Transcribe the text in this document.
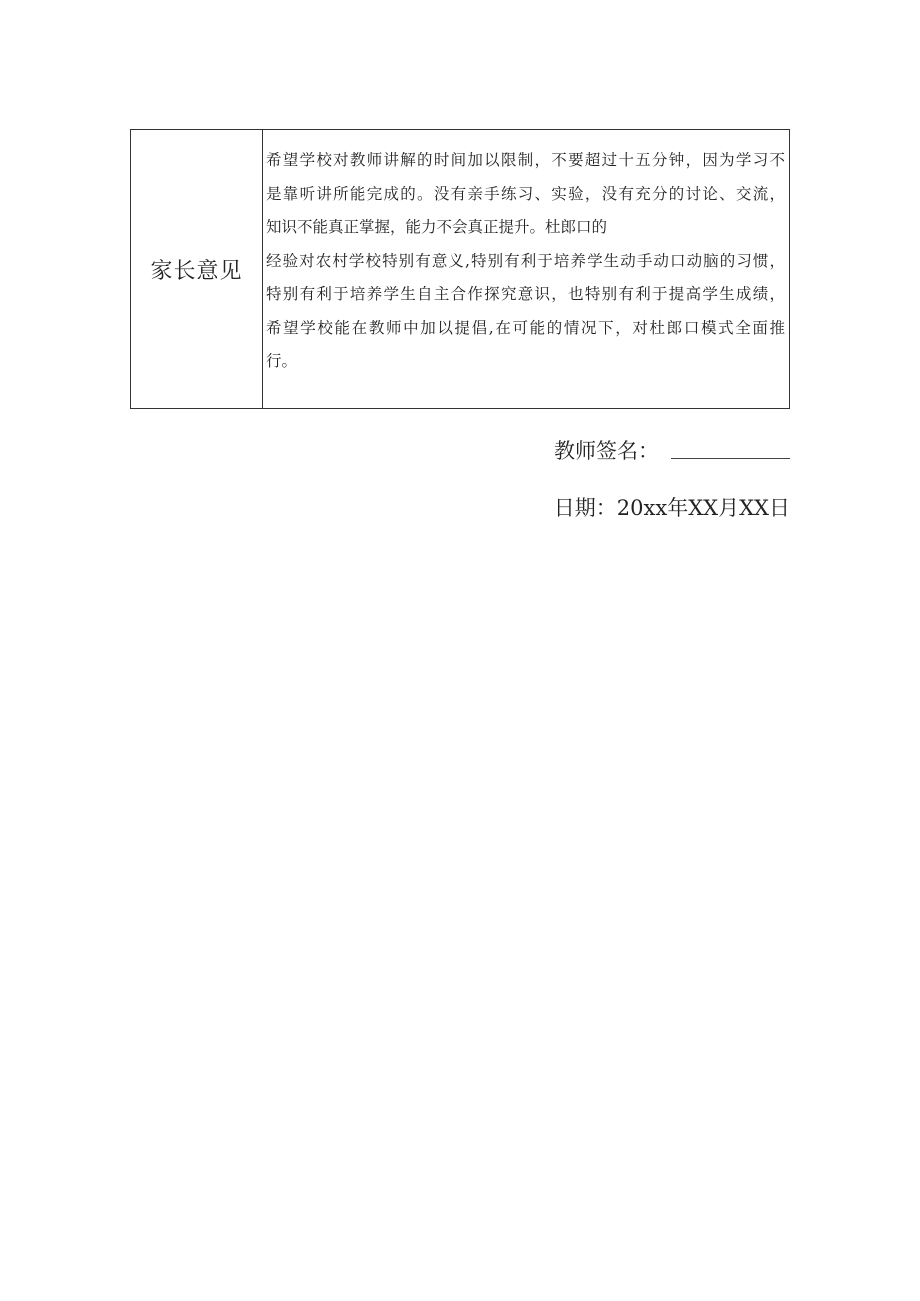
家长意见
希望学校对教师讲解的时间加以限制，不要超过十五分钟，因为学习不
是靠听讲所能完成的。没有亲手练习、实验，没有充分的讨论、交流，
知识不能真正掌握，能力不会真正提升。杜郎口的
经验对农村学校特别有意义,特别有利于培养学生动手动口动脑的习惯，
特别有利于培养学生自主合作探究意识，也特别有利于提高学生成绩，
希望学校能在教师中加以提倡,在可能的情况下，对杜郎口模式全面推
行。
教师签名：
日期：20xx年XX月XX日
